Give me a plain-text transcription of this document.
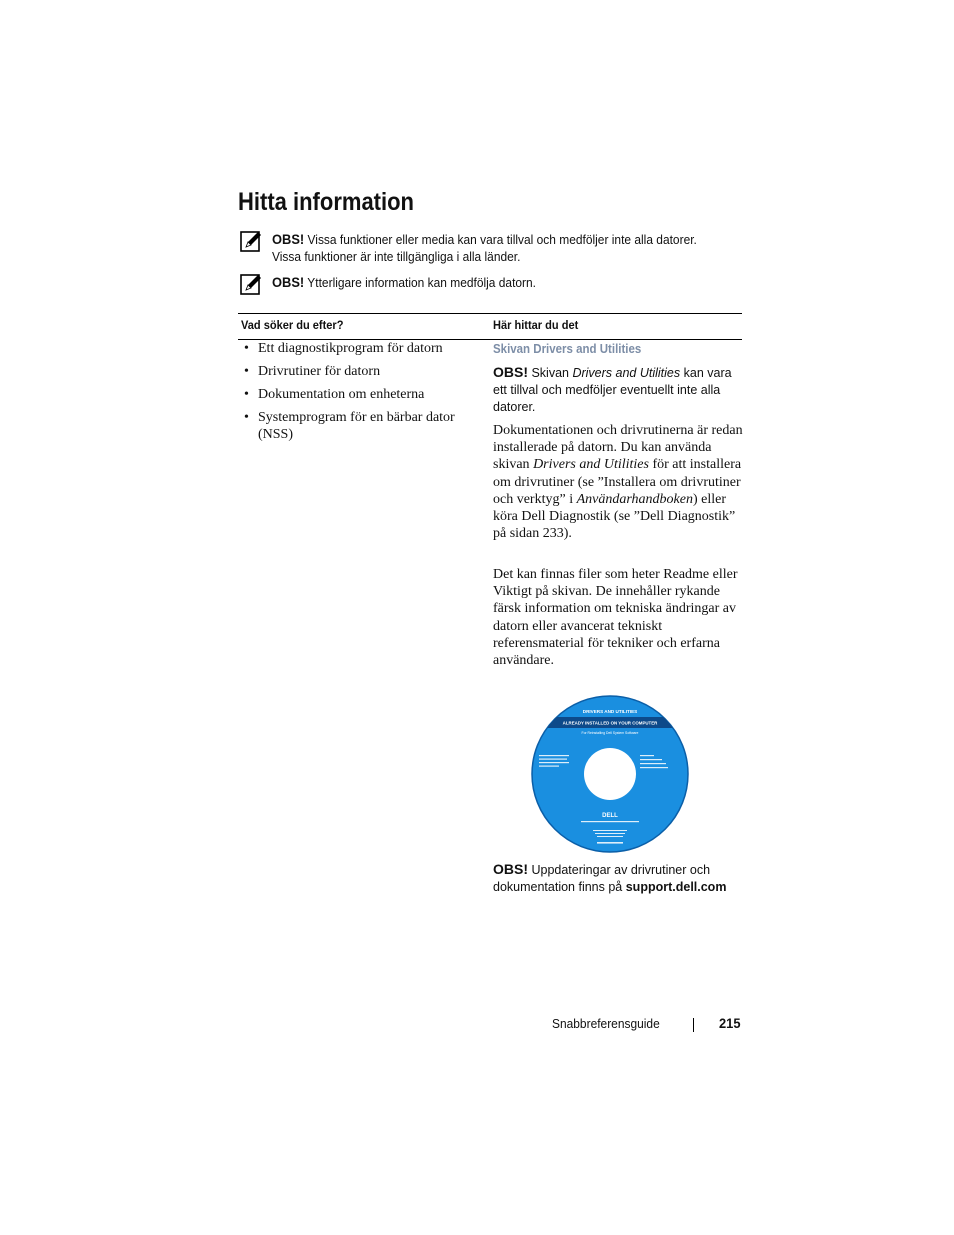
Hitta information
OBS! Vissa funktioner eller media kan vara tillval och medföljer inte alla datorer.
Vissa funktioner är inte tillgängliga i alla länder.
OBS! Ytterligare information kan medfölja datorn.
Vad söker du efter?	Här hittar du det
• Ett diagnostikprogram för datorn
• Drivrutiner för datorn
• Dokumentation om enheterna
• Systemprogram för en bärbar dator (NSS)
Skivan Drivers and Utilities
OBS! Skivan Drivers and Utilities kan vara ett tillval och medföljer eventuellt inte alla datorer.
Dokumentationen och drivrutinerna är redan installerade på datorn. Du kan använda skivan Drivers and Utilities för att installera om drivrutiner (se ”Installera om drivrutiner och verktyg” i Användarhandboken) eller köra Dell Diagnostik (se ”Dell Diagnostik” på sidan 233).
Det kan finnas filer som heter Readme eller Viktigt på skivan. De innehåller rykande färsk information om tekniska ändringar av datorn eller avancerat tekniskt referensmaterial för tekniker och erfarna användare.
DRIVERS AND UTILITIES
ALREADY INSTALLED ON YOUR COMPUTER
For Reinstalling Dell System Software
DELL
OBS! Uppdateringar av drivrutiner och dokumentation finns på support.dell.com
Snabbreferensguide	215
